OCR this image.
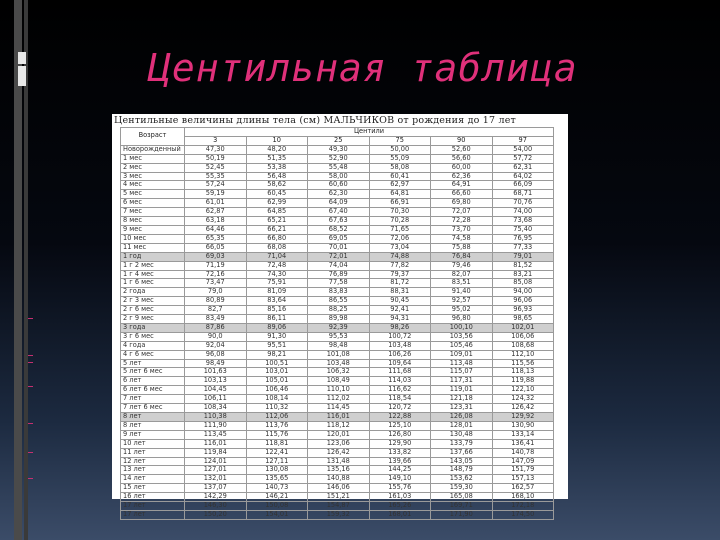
Центильная таблица
Центильные величины длины тела (см) МАЛЬЧИКОВ от рождения до 17 лет
Возраст	Центили					
	3	10	25	75	90	97
Новорожденный	47,30	48,20	49,30	50,00	52,60	54,00
1 мес	50,19	51,35	52,90	55,09	56,60	57,72
2 мес	52,45	53,38	55,48	58,08	60,00	62,31
3 мес	55,35	56,48	58,00	60,41	62,36	64,02
4 мес	57,24	58,62	60,60	62,97	64,91	66,09
5 мес	59,19	60,45	62,30	64,81	66,60	68,71
6 мес	61,01	62,99	64,09	66,91	69,80	70,76
7 мес	62,87	64,85	67,40	70,30	72,07	74,00
8 мес	63,18	65,21	67,63	70,28	72,28	73,68
9 мес	64,46	66,21	68,52	71,65	73,70	75,40
10 мес	65,35	66,80	69,05	72,06	74,58	76,95
11 мес	66,05	68,08	70,01	73,04	75,88	77,33
1 год	69,03	71,04	72,01	74,88	76,84	79,01
1 г 2 мес	71,19	72,48	74,04	77,82	79,46	81,52
1 г 4 мес	72,16	74,30	76,89	79,37	82,07	83,21
1 г 6 мес	73,47	75,91	77,58	81,72	83,51	85,08
2 года	79,0	81,09	83,83	88,31	91,40	94,00
2 г 3 мес	80,89	83,64	86,55	90,45	92,57	96,06
2 г 6 мес	82,7	85,16	88,25	92,41	95,02	96,93
2 г 9 мес	83,49	86,11	89,98	94,31	96,80	98,65
3 года	87,86	89,06	92,39	98,26	100,10	102,01
3 г 6 мес	90,0	91,30	95,53	100,72	103,56	106,06
4 года	92,04	95,51	98,48	103,48	105,46	108,68
4 г 6 мес	96,08	98,21	101,08	106,26	109,01	112,10
5 лет	98,49	100,51	103,48	109,64	113,48	115,56
5 лет 6 мес	101,63	103,01	106,32	111,68	115,07	118,13
6 лет	103,13	105,01	108,49	114,03	117,31	119,88
6 лет 6 мес	104,45	106,46	110,10	116,62	119,01	122,10
7 лет	106,11	108,14	112,02	118,54	121,18	124,32
7 лет 6 мес	108,34	110,32	114,45	120,72	123,31	126,42
8 лет	110,38	112,06	116,01	122,88	126,08	129,92
8 лет	111,90	113,76	118,12	125,10	128,01	130,90
9 лет	113,45	115,76	120,01	126,80	130,48	133,14
10 лет	116,01	118,81	123,06	129,90	133,79	136,41
11 лет	119,84	122,41	126,42	133,82	137,66	140,78
12 лет	124,01	127,11	131,48	139,66	143,05	147,09
13 лет	127,01	130,08	135,16	144,25	148,79	151,79
14 лет	132,01	135,65	140,88	149,10	153,62	157,13
15 лет	137,07	140,73	146,06	155,76	159,30	162,57
16 лет	142,29	146,21	151,21	161,03	165,08	168,10
17 лет	146,30	150,08	154,87	165,26	169,71	172,18
17 лет	150,20	154,01	159,32	168,01	171,90	174,50
